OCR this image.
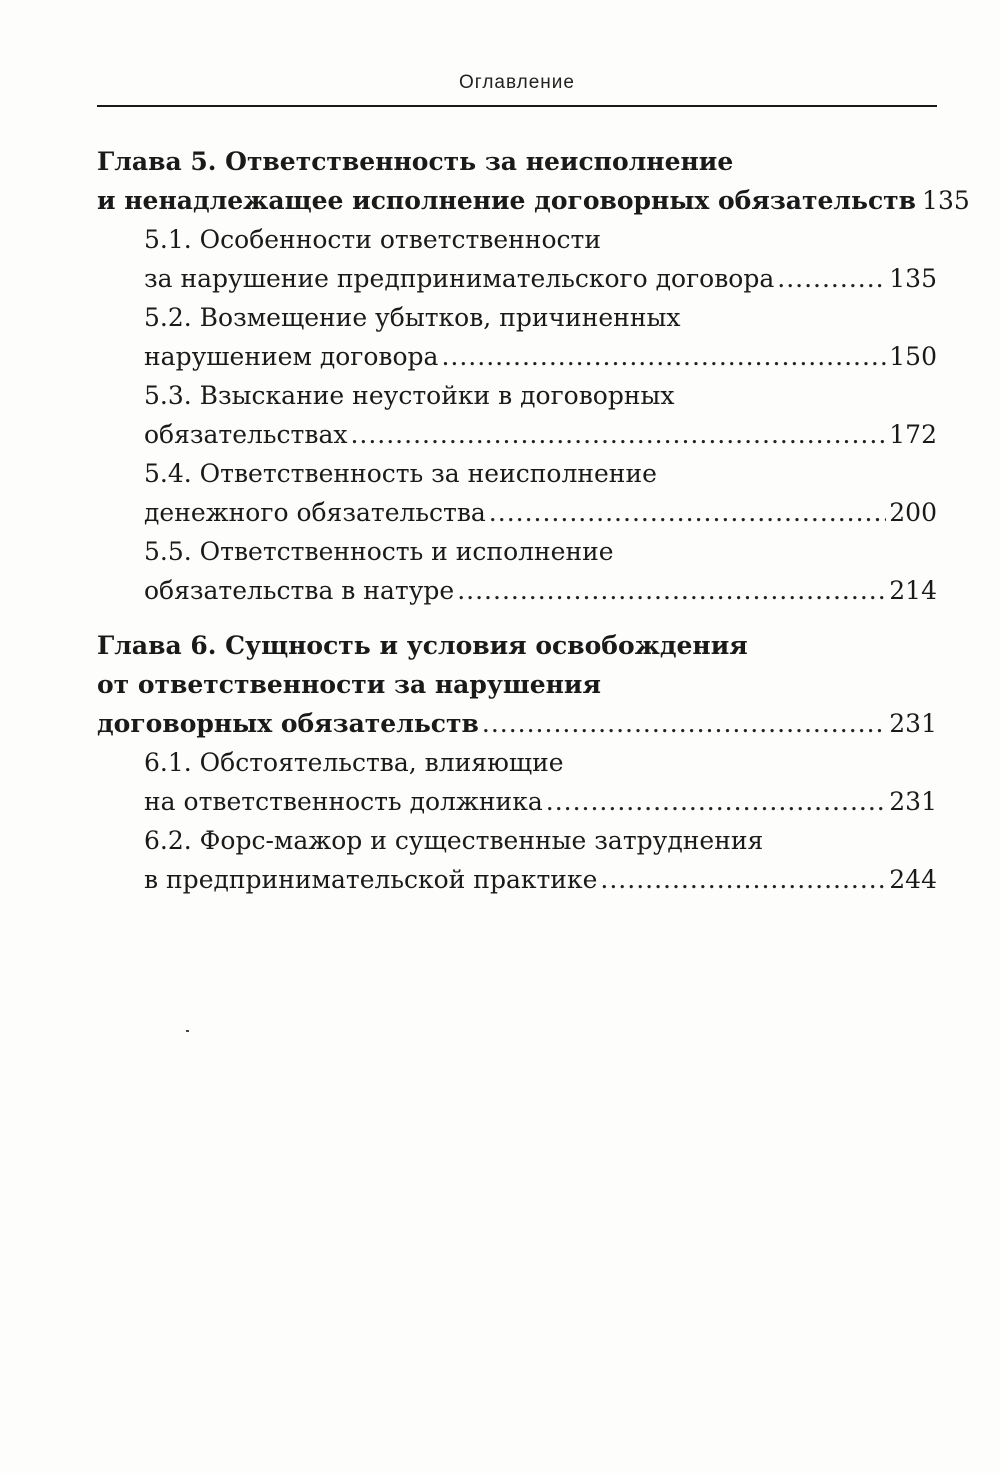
Оглавление
Глава 5. Ответственность за неисполнение
и ненадлежащее исполнение договорных обязательств 135
5.1. Особенности ответственности
за нарушение предпринимательского договора .....	135
5.2. Возмещение убытков, причиненных
нарушением договора .....	150
5.3. Взыскание неустойки в договорных
обязательствах .....	172
5.4. Ответственность за неисполнение
денежного обязательства .....	200
5.5. Ответственность и исполнение
обязательства в натуре .....	214
Глава 6. Сущность и условия освобождения
от ответственности за нарушения
договорных обязательств .....	231
6.1. Обстоятельства, влияющие
на ответственность должника .....	231
6.2. Форс-мажор и существенные затруднения
в предпринимательской практике .....	244
